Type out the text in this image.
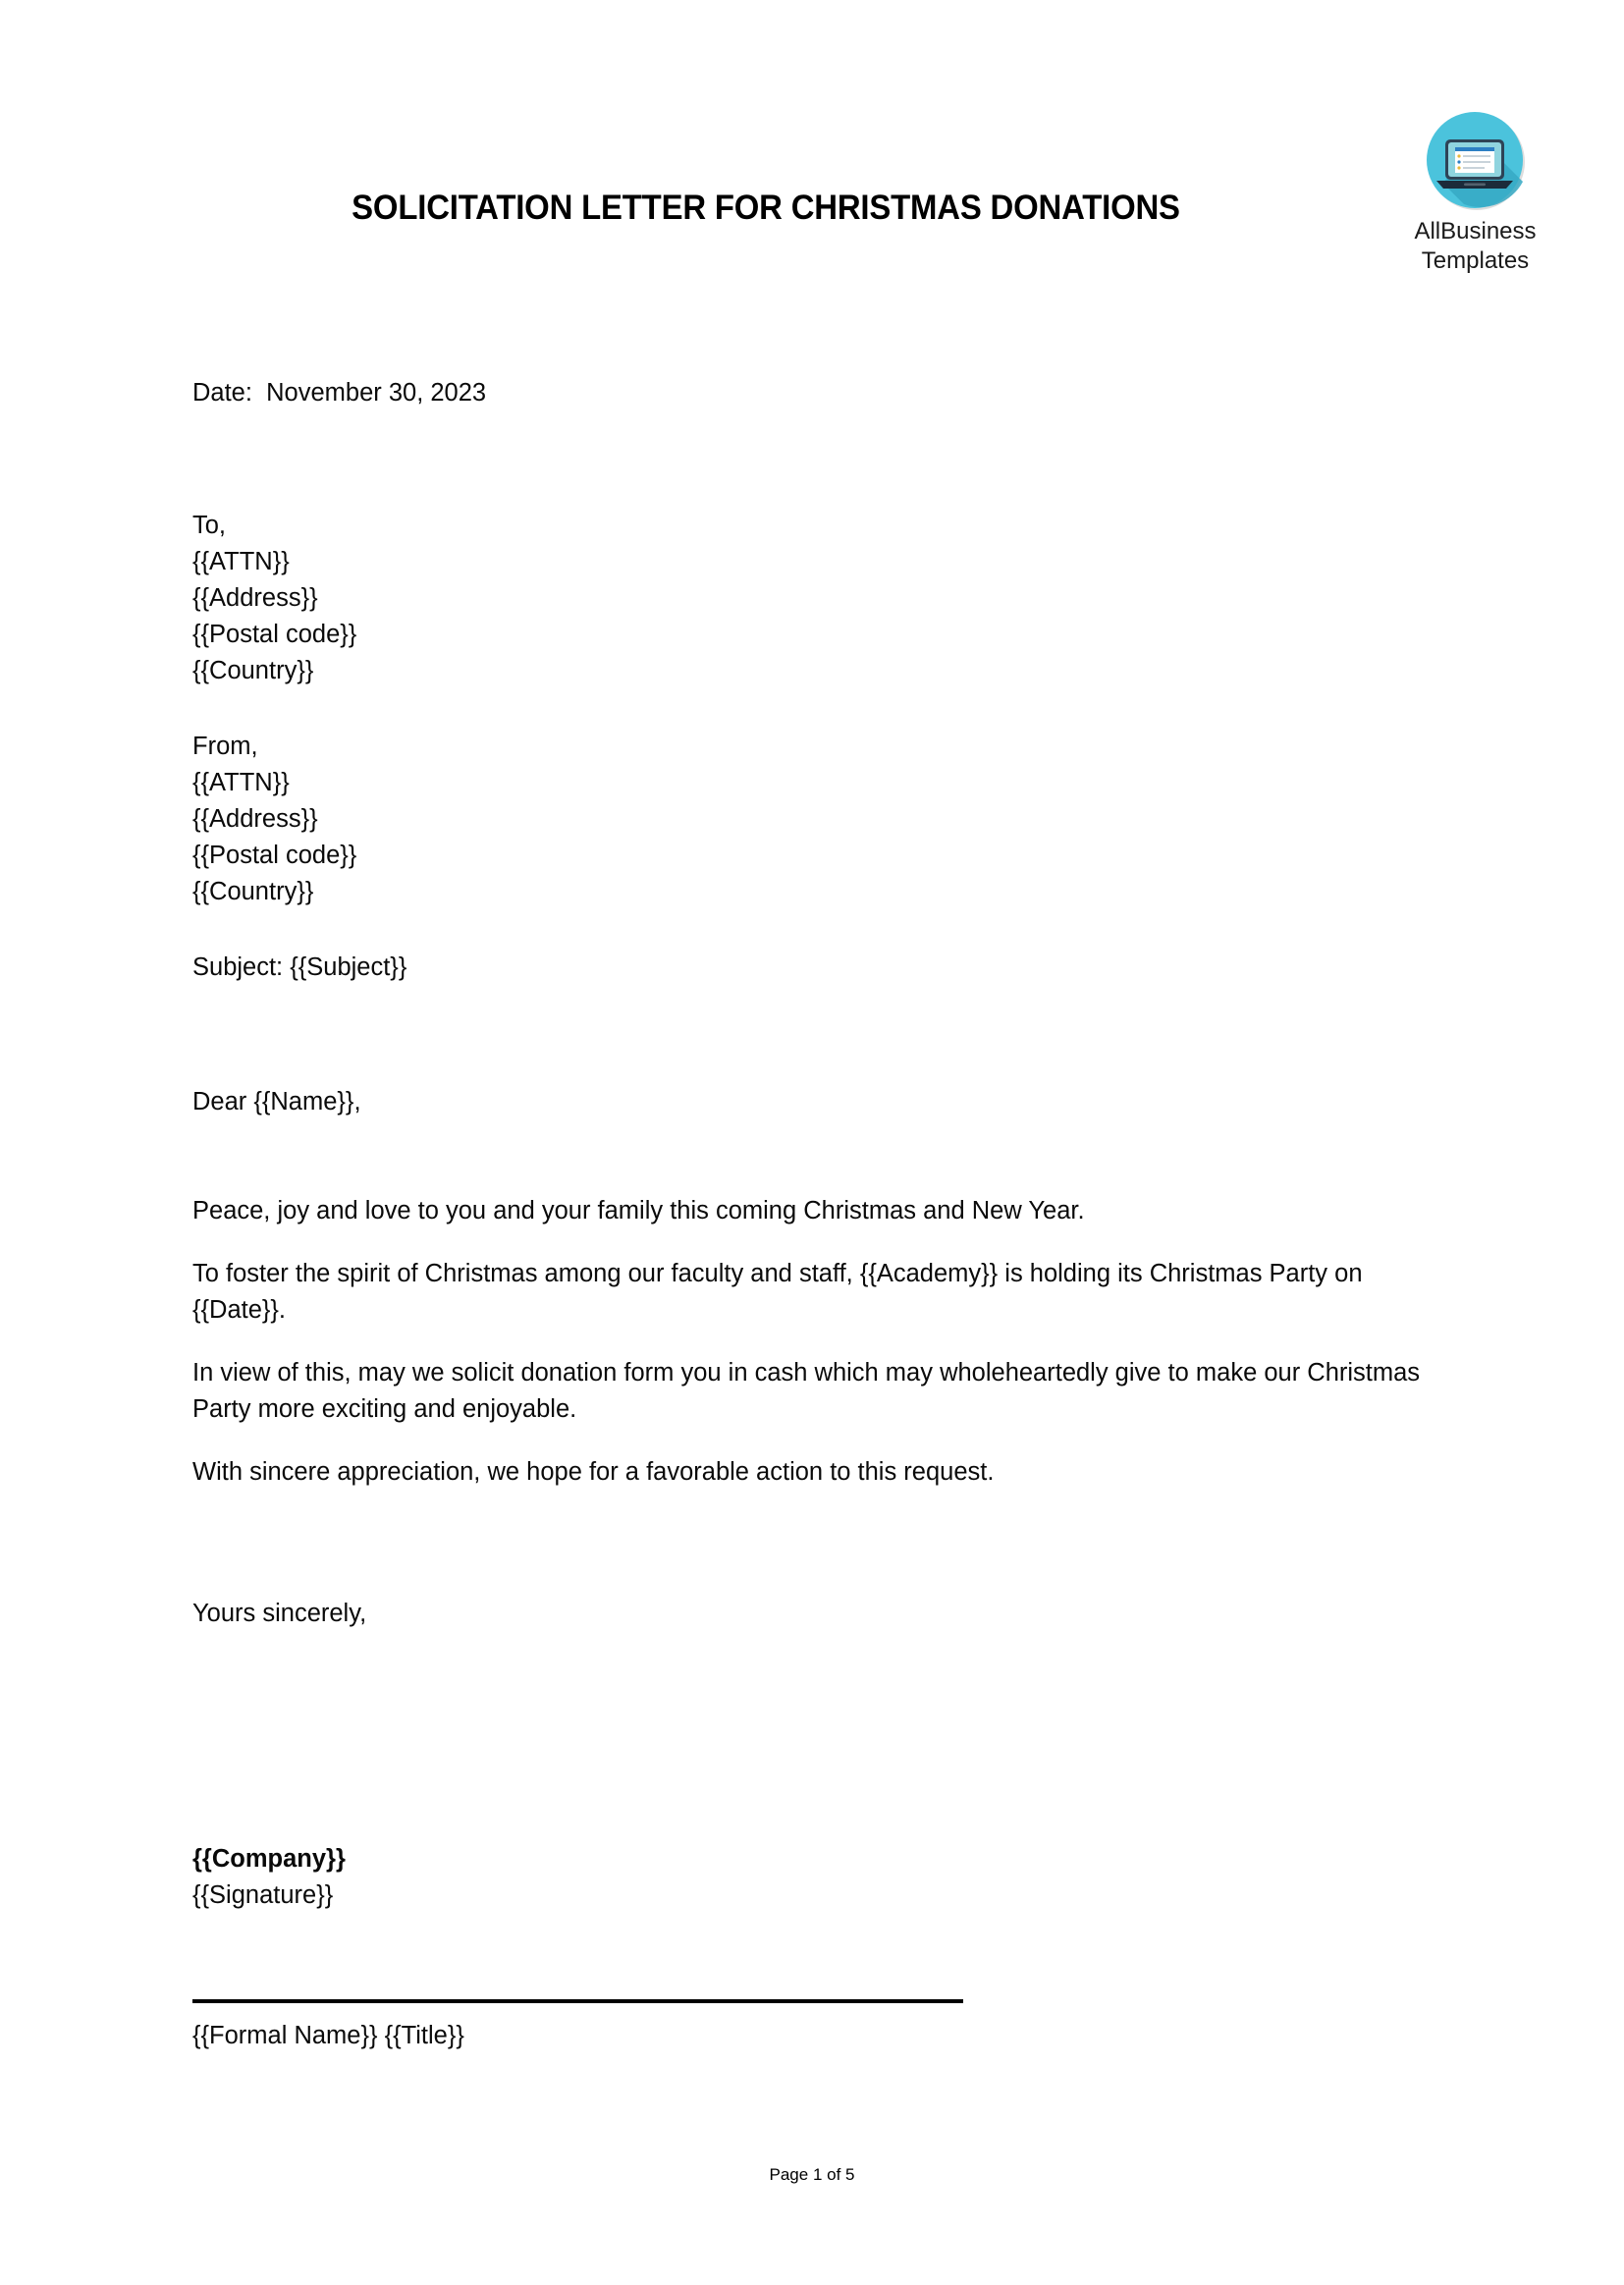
SOLICITATION LETTER FOR CHRISTMAS DONATIONS
AllBusiness
Templates
Date:  November 30, 2023
To,
{{ATTN}}
{{Address}}
{{Postal code}}
{{Country}}
From,
{{ATTN}}
{{Address}}
{{Postal code}}
{{Country}}
Subject: {{Subject}}
Dear {{Name}},

Peace, joy and love to you and your family this coming Christmas and New Year.

To foster the spirit of Christmas among our faculty and staff, {{Academy}} is holding its Christmas Party on {{Date}}.

In view of this, may we solicit donation form you in cash which may wholeheartedly give to make our Christmas Party more exciting and enjoyable.

With sincere appreciation, we hope for a favorable action to this request.

Yours sincerely,
{{Company}}
{{Signature}}
{{Formal Name}} {{Title}}
Page 1 of 5
